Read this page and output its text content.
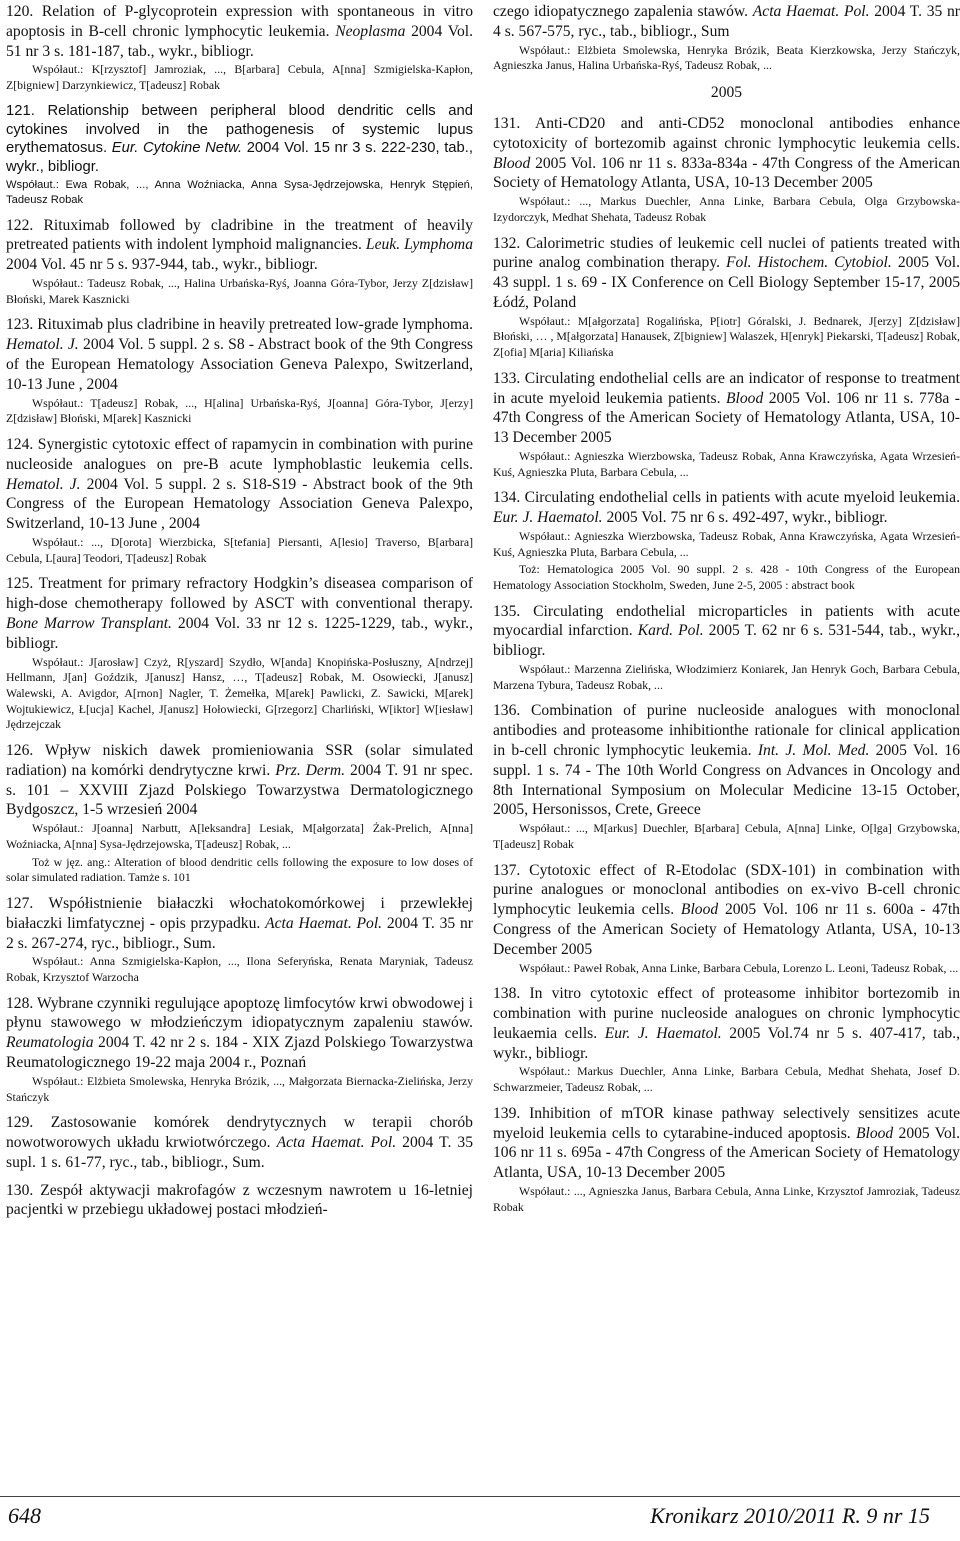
120. Relation of P-glycoprotein expression with spontaneous in vitro apoptosis in B-cell chronic lymphocytic leukemia. Neoplasma 2004 Vol. 51 nr 3 s. 181-187, tab., wykr., bibliogr.

Współaut.: K[rzysztof] Jamroziak, ..., B[arbara] Cebula, A[nna] Szmigielska-Kapłon, Z[bigniew] Darzynkiewicz, T[adeusz] Robak

121. Relationship between peripheral blood dendritic cells and cytokines involved in the pathogenesis of systemic lupus erythematosus. Eur. Cytokine Netw. 2004 Vol. 15 nr 3 s. 222-230, tab., wykr., bibliogr.

Współaut.: Ewa Robak, ..., Anna Woźniacka, Anna Sysa-Jędrzejowska, Henryk Stępień, Tadeusz Robak

122. Rituximab followed by cladribine in the treatment of heavily pretreated patients with indolent lymphoid malignancies. Leuk. Lymphoma 2004 Vol. 45 nr 5 s. 937-944, tab., wykr., bibliogr.

Współaut.: Tadeusz Robak, ..., Halina Urbańska-Ryś, Joanna Góra-Tybor, Jerzy Z[dzisław] Błoński, Marek Kasznicki

123. Rituximab plus cladribine in heavily pretreated low-grade lymphoma. Hematol. J. 2004 Vol. 5 suppl. 2 s. S8 - Abstract book of the 9th Congress of the European Hematology Association Geneva Palexpo, Switzerland, 10-13 June , 2004

Współaut.: T[adeusz] Robak, ..., H[alina] Urbańska-Ryś, J[oanna] Góra-Tybor, J[erzy] Z[dzisław] Błoński, M[arek] Kasznicki

124. Synergistic cytotoxic effect of rapamycin in combination with purine nucleoside analogues on pre-B acute lymphoblastic leukemia cells. Hematol. J. 2004 Vol. 5 suppl. 2 s. S18-S19 - Abstract book of the 9th Congress of the European Hematology Association Geneva Palexpo, Switzerland, 10-13 June , 2004

Współaut.: ..., D[orota] Wierzbicka, S[tefania] Piersanti, A[lesio] Traverso, B[arbara] Cebula, L[aura] Teodori, T[adeusz] Robak

125. Treatment for primary refractory Hodgkin’s diseasea comparison of high-dose chemotherapy followed by ASCT with conventional therapy. Bone Marrow Transplant. 2004 Vol. 33 nr 12 s. 1225-1229, tab., wykr., bibliogr.

Współaut.: J[arosław] Czyż, R[yszard] Szydło, W[anda] Knopińska-Posłuszny, A[ndrzej] Hellmann, J[an] Goździk, J[anusz] Hansz, …, T[adeusz] Robak, M. Osowiecki, J[anusz] Walewski, A. Avigdor, A[rnon] Nagler, T. Żemełka, M[arek] Pawlicki, Z. Sawicki, M[arek] Wojtukiewicz, Ł[ucja] Kachel, J[anusz] Hołowiecki, G[rzegorz] Charliński, W[iktor] W[iesław] Jędrzejczak

126. Wpływ niskich dawek promieniowania SSR (solar simulated radiation) na komórki dendrytyczne krwi. Prz. Derm. 2004 T. 91 nr spec. s. 101 – XXVIII Zjazd Polskiego Towarzystwa Dermatologicznego Bydgoszcz, 1-5 wrzesień 2004

Współaut.: J[oanna] Narbutt, A[leksandra] Lesiak, M[ałgorzata] Żak-Prelich, A[nna] Woźniacka, A[nna] Sysa-Jędrzejowska, T[adeusz] Robak, ...

Toż w jęz. ang.: Alteration of blood dendritic cells following the exposure to low doses of solar simulated radiation. Tamże s. 101

127. Współistnienie białaczki włochatokomórkowej i przewlekłej białaczki limfatycznej - opis przypadku. Acta Haemat. Pol. 2004 T. 35 nr 2 s. 267-274, ryc., bibliogr., Sum.

Współaut.: Anna Szmigielska-Kapłon, ..., Ilona Seferyńska, Renata Maryniak, Tadeusz Robak, Krzysztof Warzocha

128. Wybrane czynniki regulujące apoptozę limfocytów krwi obwodowej i płynu stawowego w młodzieńczym idiopatycznym zapaleniu stawów. Reumatologia 2004 T. 42 nr 2 s. 184 - XIX Zjazd Polskiego Towarzystwa Reumatologicznego 19-22 maja 2004 r., Poznań

Współaut.: Elżbieta Smolewska, Henryka Brózik, ..., Małgorzata Biernacka-Zielińska, Jerzy Stańczyk

129. Zastosowanie komórek dendrytycznych w terapii chorób nowotworowych układu krwiotwórczego. Acta Haemat. Pol. 2004 T. 35 supl. 1 s. 61-77, ryc., tab., bibliogr., Sum.

130. Zespół aktywacji makrofagów z wczesnym nawrotem u 16-letniej pacjentki w przebiegu układowej postaci młodzień-

czego idiopatycznego zapalenia stawów. Acta Haemat. Pol. 2004 T. 35 nr 4 s. 567-575, ryc., tab., bibliogr., Sum

Współaut.: Elżbieta Smolewska, Henryka Brózik, Beata Kierzkowska, Jerzy Stańczyk, Agnieszka Janus, Halina Urbańska-Ryś, Tadeusz Robak, ...

2005

131. Anti-CD20 and anti-CD52 monoclonal antibodies enhance cytotoxicity of bortezomib against chronic lymphocytic leukemia cells. Blood 2005 Vol. 106 nr 11 s. 833a-834a - 47th Congress of the American Society of Hematology Atlanta, USA, 10-13 December 2005

Współaut.: ..., Markus Duechler, Anna Linke, Barbara Cebula, Olga Grzybowska-Izydorczyk, Medhat Shehata, Tadeusz Robak

132. Calorimetric studies of leukemic cell nuclei of patients treated with purine analog combination therapy. Fol. Histochem. Cytobiol. 2005 Vol. 43 suppl. 1 s. 69 - IX Conference on Cell Biology September 15-17, 2005 Łódź, Poland

Współaut.: M[ałgorzata] Rogalińska, P[iotr] Góralski, J. Bednarek, J[erzy] Z[dzisław] Błoński, … , M[ałgorzata] Hanausek, Z[bigniew] Walaszek, H[enryk] Piekarski, T[adeusz] Robak, Z[ofia] M[aria] Kiliańska

133. Circulating endothelial cells are an indicator of response to treatment in acute myeloid leukemia patients. Blood 2005 Vol. 106 nr 11 s. 778a - 47th Congress of the American Society of Hematology Atlanta, USA, 10-13 December 2005

Współaut.: Agnieszka Wierzbowska, Tadeusz Robak, Anna Krawczyńska, Agata Wrzesień-Kuś, Agnieszka Pluta, Barbara Cebula, ...

134. Circulating endothelial cells in patients with acute myeloid leukemia. Eur. J. Haematol. 2005 Vol. 75 nr 6 s. 492-497, wykr., bibliogr.

Współaut.: Agnieszka Wierzbowska, Tadeusz Robak, Anna Krawczyńska, Agata Wrzesień-Kuś, Agnieszka Pluta, Barbara Cebula, ...

Toż: Hematologica 2005 Vol. 90 suppl. 2 s. 428 - 10th Congress of the European Hematology Association Stockholm, Sweden, June 2-5, 2005 : abstract book

135. Circulating endothelial microparticles in patients with acute myocardial infarction. Kard. Pol. 2005 T. 62 nr 6 s. 531-544, tab., wykr., bibliogr.

Współaut.: Marzenna Zielińska, Włodzimierz Koniarek, Jan Henryk Goch, Barbara Cebula, Marzena Tybura, Tadeusz Robak, ...

136. Combination of purine nucleoside analogues with monoclonal antibodies and proteasome inhibitionthe rationale for clinical application in b-cell chronic lymphocytic leukemia. Int. J. Mol. Med. 2005 Vol. 16 suppl. 1 s. 74 - The 10th World Congress on Advances in Oncology and 8th International Symposium on Molecular Medicine 13-15 October, 2005, Hersonissos, Crete, Greece

Współaut.: ..., M[arkus] Duechler, B[arbara] Cebula, A[nna] Linke, O[lga] Grzybowska, T[adeusz] Robak

137. Cytotoxic effect of R-Etodolac (SDX-101) in combination with purine analogues or monoclonal antibodies on ex-vivo B-cell chronic lymphocytic leukemia cells. Blood 2005 Vol. 106 nr 11 s. 600a - 47th Congress of the American Society of Hematology Atlanta, USA, 10-13 December 2005

Współaut.: Paweł Robak, Anna Linke, Barbara Cebula, Lorenzo L. Leoni, Tadeusz Robak, ...

138. In vitro cytotoxic effect of proteasome inhibitor bortezomib in combination with purine nucleoside analogues on chronic lymphocytic leukaemia cells. Eur. J. Haematol. 2005 Vol.74 nr 5 s. 407-417, tab., wykr., bibliogr.

Współaut.: Markus Duechler, Anna Linke, Barbara Cebula, Medhat Shehata, Josef D. Schwarzmeier, Tadeusz Robak, ...

139. Inhibition of mTOR kinase pathway selectively sensitizes acute myeloid leukemia cells to cytarabine-induced apoptosis. Blood 2005 Vol. 106 nr 11 s. 695a - 47th Congress of the American Society of Hematology Atlanta, USA, 10-13 December 2005

Współaut.: ..., Agnieszka Janus, Barbara Cebula, Anna Linke, Krzysztof Jamroziak, Tadeusz Robak

648	Kronikarz 2010/2011 R. 9 nr 15
